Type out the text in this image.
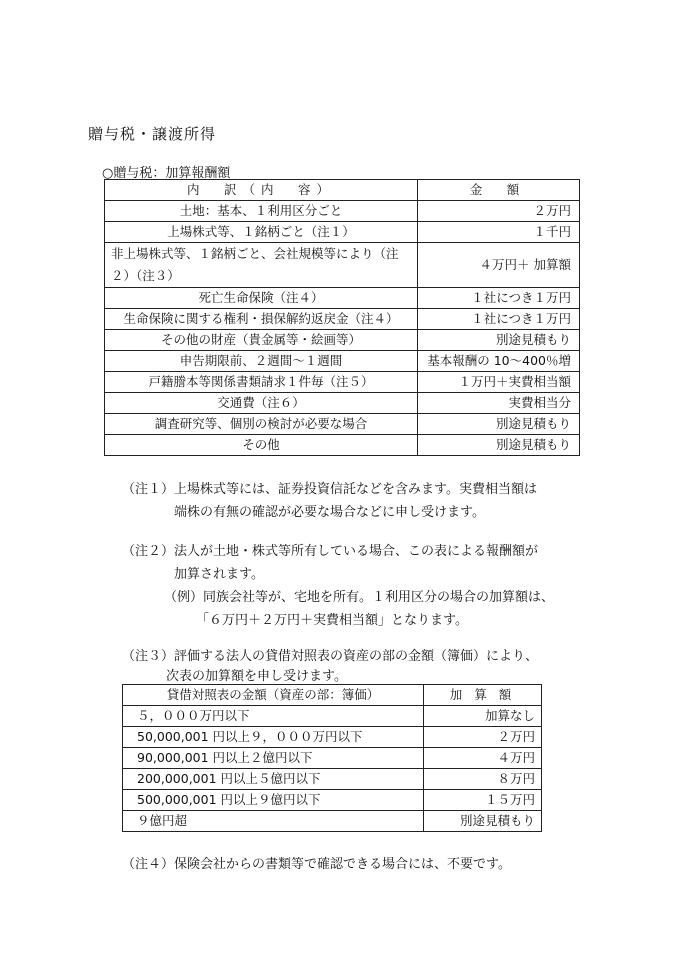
贈与税・譲渡所得
○贈与税：加算報酬額
内　訳（内　容）	金　額
土地：基本、１利用区分ごと	２万円
上場株式等、１銘柄ごと（注１）	１千円
非上場株式等、１銘柄ごと、会社規模等により（注２）（注３）	４万円＋ 加算額
死亡生命保険（注４）	１社につき１万円
生命保険に関する権利・損保解約返戻金（注４）	１社につき１万円
その他の財産（貴金属等・絵画等）	別途見積もり
申告期限前、２週間～１週間	基本報酬の 10～400％増
戸籍謄本等関係書類請求１件毎（注５）	１万円＋実費相当額
交通費（注６）	実費相当分
調査研究等、個別の検討が必要な場合	別途見積もり
その他	別途見積もり
（注１）上場株式等には、証券投資信託などを含みます。実費相当額は
端株の有無の確認が必要な場合などに申し受けます。
（注２）法人が土地・株式等所有している場合、この表による報酬額が
加算されます。
（例）同族会社等が、宅地を所有。１利用区分の場合の加算額は、
「６万円＋２万円＋実費相当額」となります。
（注３）評価する法人の貸借対照表の資産の部の金額（簿価）により、
次表の加算額を申し受けます。
貸借対照表の金額（資産の部：簿価）	加 算 額
５，０００万円以下	加算なし
50,000,001 円以上９，０００万円以下	２万円
90,000,001 円以上２億円以下	４万円
200,000,001 円以上５億円以下	８万円
500,000,001 円以上９億円以下	１５万円
９億円超	別途見積もり
（注４）保険会社からの書類等で確認できる場合には、不要です。
